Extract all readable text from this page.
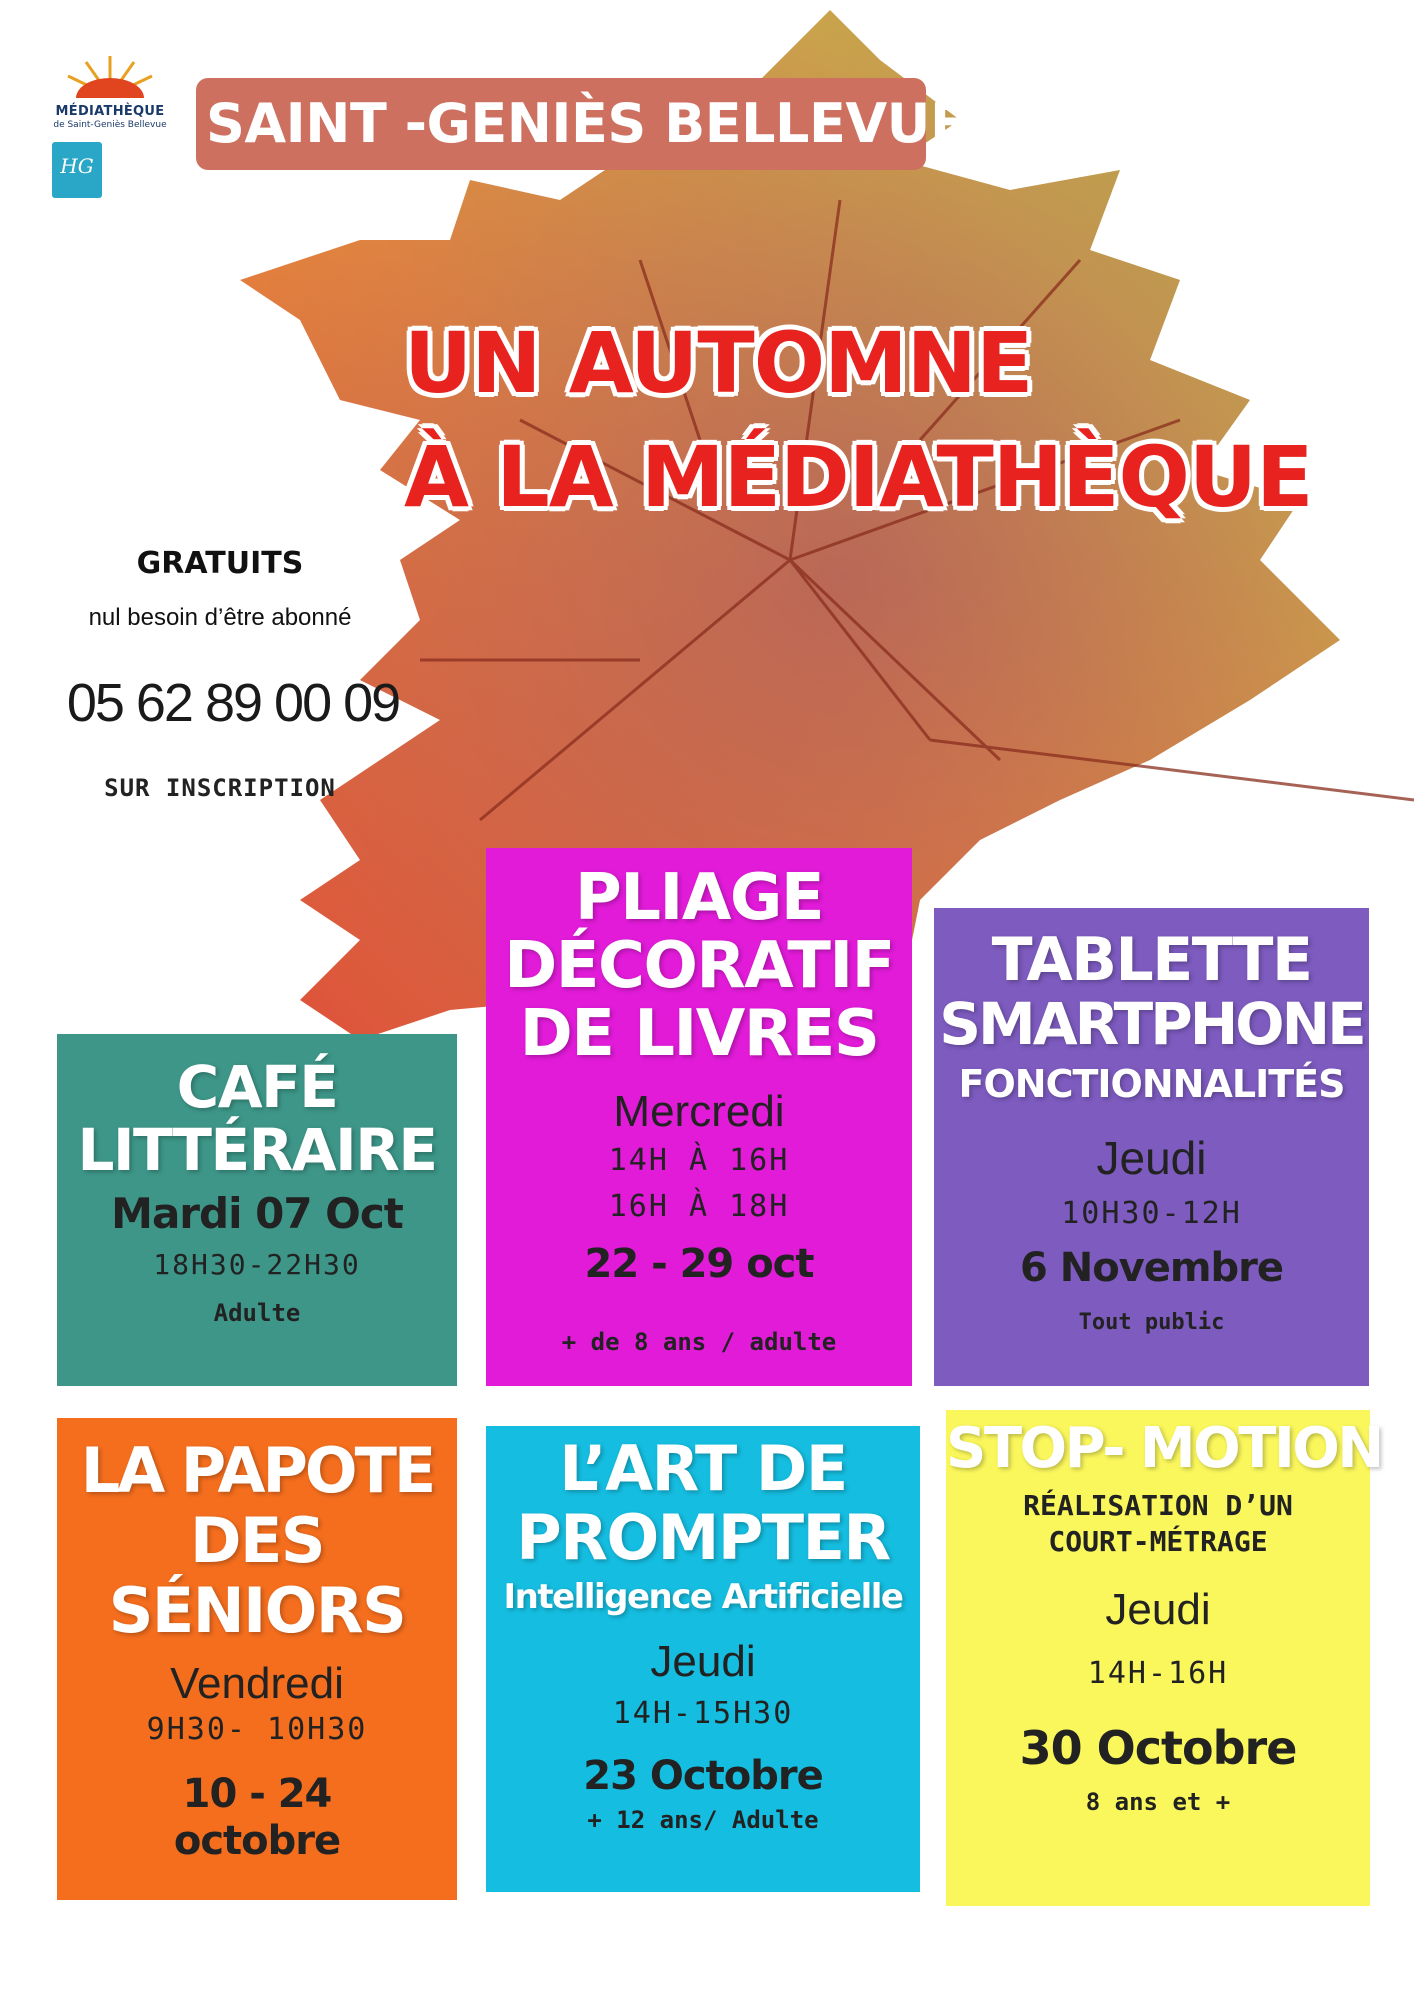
MÉDIATHÈQUE
de Saint-Geniès Bellevue
HG
SAINT -GENIÈS BELLEVUE
UN AUTOMNE
À LA MÉDIATHÈQUE
GRATUITS
nul besoin d’être abonné
05 62 89 00 09
SUR INSCRIPTION
CAFÉ
LITTÉRAIRE
Mardi 07 Oct
18H30-22H30
Adulte
PLIAGE
DÉCORATIF
DE LIVRES
Mercredi
14H À 16H
16H À 18H
22 - 29 oct
+ de 8 ans / adulte
TABLETTE
SMARTPHONE
FONCTIONNALITÉS
Jeudi
10H30-12H
6 Novembre
Tout public
LA PAPOTE
DES
SÉNIORS
Vendredi
9H30- 10H30
10 - 24
octobre
L’ART DE
PROMPTER
Intelligence Artificielle
Jeudi
14H-15H30
23 Octobre
+ 12 ans/ Adulte
STOP- MOTION
RÉALISATION D’UN
COURT-MÉTRAGE
Jeudi
14H-16H
30 Octobre
8 ans et +
